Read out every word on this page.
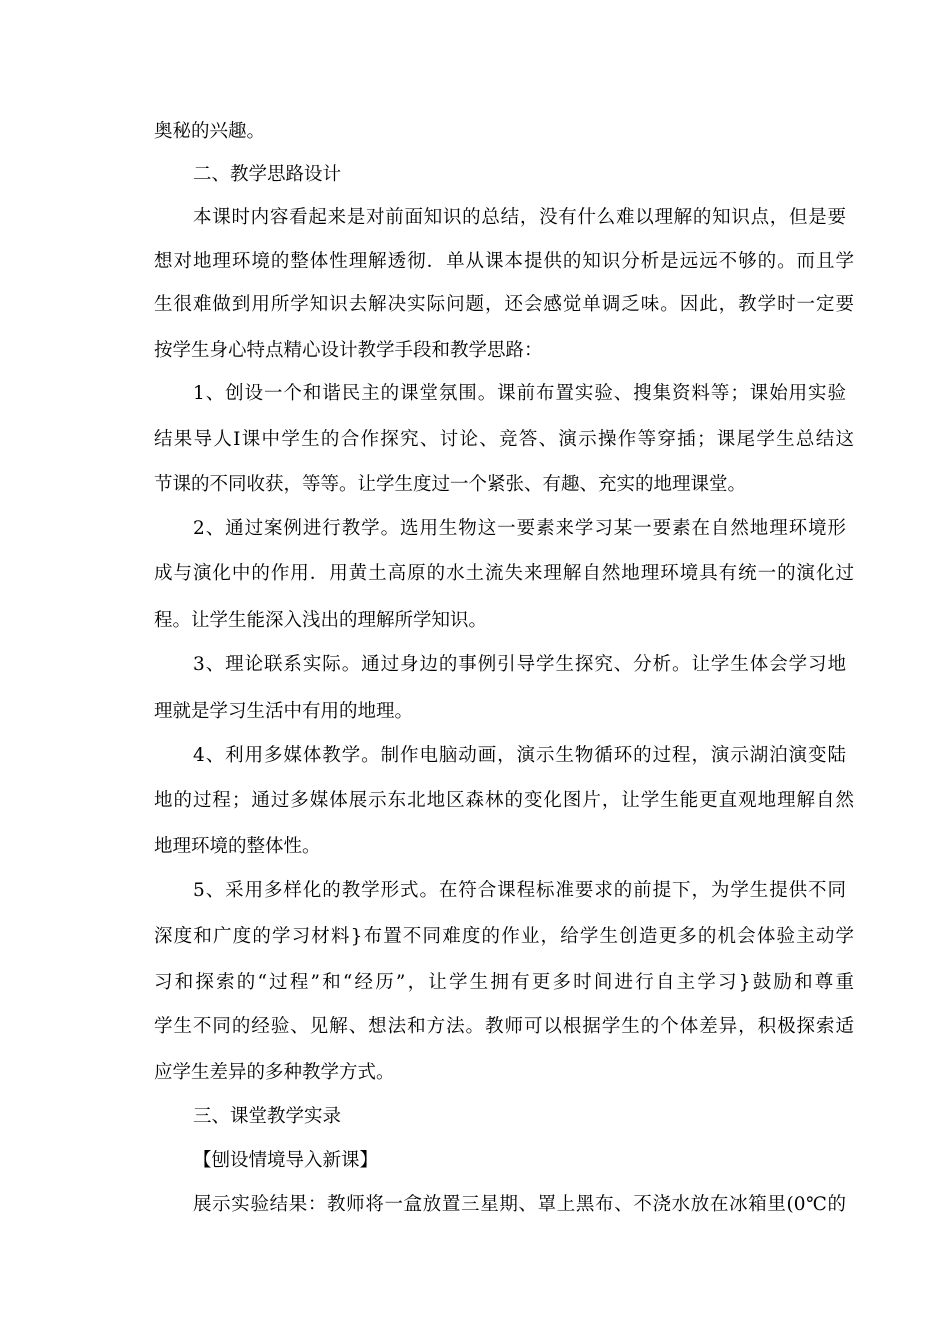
奥秘的兴趣。
二、教学思路设计
本课时内容看起来是对前面知识的总结，没有什么难以理解的知识点，但是要
想对地理环境的整体性理解透彻．单从课本提供的知识分析是远远不够的。而且学
生很难做到用所学知识去解决实际问题，还会感觉单调乏味。因此，教学时一定要
按学生身心特点精心设计教学手段和教学思路：
1、创设一个和谐民主的课堂氛围。课前布置实验、搜集资料等；课始用实验
结果导人I课中学生的合作探究、讨论、竞答、演示操作等穿插；课尾学生总结这
节课的不同收获，等等。让学生度过一个紧张、有趣、充实的地理课堂。
2、通过案例进行教学。选用生物这一要素来学习某一要素在自然地理环境形
成与演化中的作用．用黄土高原的水土流失来理解自然地理环境具有统一的演化过
程。让学生能深入浅出的理解所学知识。
3、理论联系实际。通过身边的事例引导学生探究、分析。让学生体会学习地
理就是学习生活中有用的地理。
4、利用多媒体教学。制作电脑动画，演示生物循环的过程，演示湖泊演变陆
地的过程；通过多媒体展示东北地区森林的变化图片，让学生能更直观地理解自然
地理环境的整体性。
5、采用多样化的教学形式。在符合课程标准要求的前提下，为学生提供不同
深度和广度的学习材料}布置不同难度的作业，给学生创造更多的机会体验主动学
习和探索的“过程”和“经历”，让学生拥有更多时间进行自主学习}鼓励和尊重
学生不同的经验、见解、想法和方法。教师可以根据学生的个体差异，积极探索适
应学生差异的多种教学方式。
三、课堂教学实录
【刨设情境导入新课】
展示实验结果：教师将一盒放置三星期、罩上黑布、不浇水放在冰箱里(0℃的
